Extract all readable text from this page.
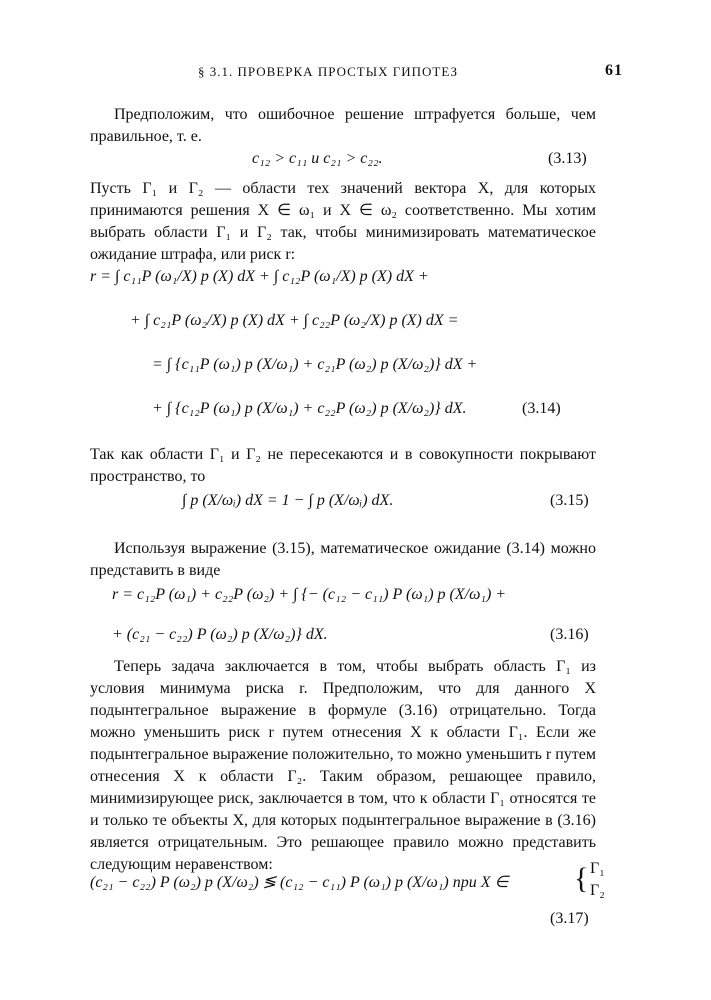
§ 3.1. ПРОВЕРКА ПРОСТЫХ ГИПОТЕЗ	61
Предположим, что ошибочное решение штрафуется больше, чем правильное, т. е.
c₁₂ > c₁₁ и c₂₁ > c₂₂.	(3.13)
Пусть Γ₁ и Γ₂ — области тех значений вектора X, для которых принимаются решения X ∈ ω₁ и X ∈ ω₂ соответственно. Мы хотим выбрать области Γ₁ и Γ₂ так, чтобы минимизировать математическое ожидание штрафа, или риск r:
r = ∫ c₁₁P (ω₁/X) p (X) dX + ∫ c₁₂P (ω₁/X) p (X) dX +
+ ∫ c₂₁P (ω₂/X) p (X) dX + ∫ c₂₂P (ω₂/X) p (X) dX =
= ∫ {c₁₁P (ω₁) p (X/ω₁) + c₂₁P (ω₂) p (X/ω₂)} dX +
+ ∫ {c₁₂P (ω₁) p (X/ω₁) + c₂₂P (ω₂) p (X/ω₂)} dX.	(3.14)
Так как области Γ₁ и Γ₂ не пересекаются и в совокупности покрывают пространство, то
∫ p (X/ωᵢ) dX = 1 − ∫ p (X/ωᵢ) dX.	(3.15)
Используя выражение (3.15), математическое ожидание (3.14) можно представить в виде
r = c₁₂P (ω₁) + c₂₂P (ω₂) + ∫ {− (c₁₂ − c₁₁) P (ω₁) p (X/ω₁) +
+ (c₂₁ − c₂₂) P (ω₂) p (X/ω₂)} dX.	(3.16)
Теперь задача заключается в том, чтобы выбрать область Γ₁ из условия минимума риска r. Предположим, что для данного X подынтегральное выражение в формуле (3.16) отрицательно. Тогда можно уменьшить риск r путем отнесения X к области Γ₁. Если же подынтегральное выражение положительно, то можно уменьшить r путем отнесения X к области Γ₂. Таким образом, решающее правило, минимизирующее риск, заключается в том, что к области Γ₁ относятся те и только те объекты X, для которых подынтегральное выражение в (3.16) является отрицательным. Это решающее правило можно представить следующим неравенством:
(c₂₁ − c₂₂) P (ω₂) p (X/ω₂) ≶ (c₁₂ − c₁₁) P (ω₁) p (X/ω₁) при X ∈ { Γ₁
Γ₂
(3.17)
